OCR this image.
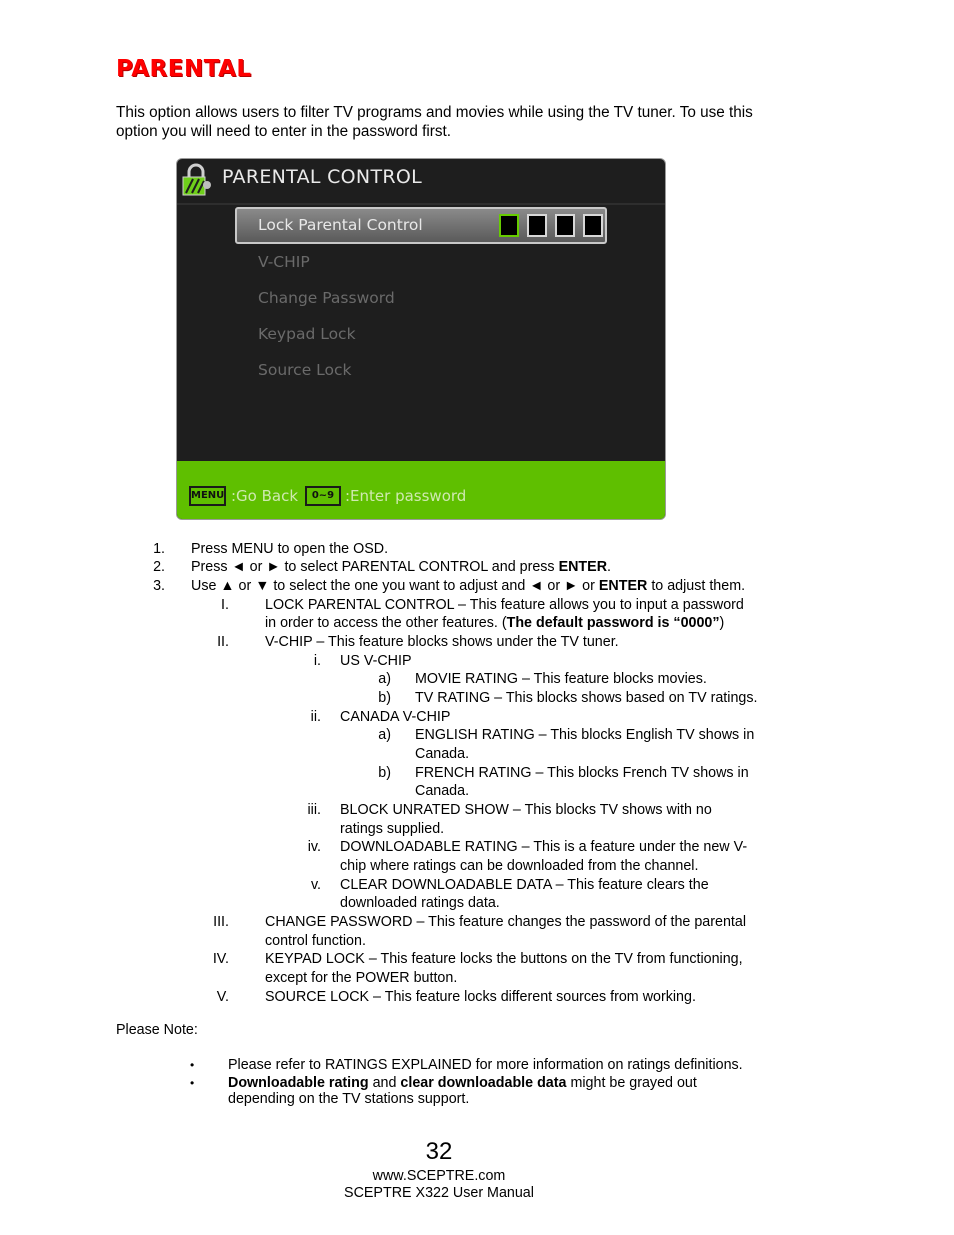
PARENTAL
This option allows users to filter TV programs and movies while using the TV tuner. To use this option you will need to enter in the password first.
PARENTAL CONTROL
Lock Parental Control
V-CHIP
Change Password
Keypad Lock
Source Lock
MENU :Go Back	0~9 :Enter password
1. Press MENU to open the OSD.
2. Press ◄ or ► to select PARENTAL CONTROL and press ENTER.
3. Use ▲ or ▼ to select the one you want to adjust and ◄ or ► or ENTER to adjust them.
I.	LOCK PARENTAL CONTROL – This feature allows you to input a password
in order to access the other features. (The default password is “0000”)
II.	V-CHIP – This feature blocks shows under the TV tuner.
i. US V-CHIP
a) MOVIE RATING – This feature blocks movies.
b) TV RATING – This blocks shows based on TV ratings.
ii. CANADA V-CHIP
a) ENGLISH RATING – This blocks English TV shows in
Canada.
b) FRENCH RATING – This blocks French TV shows in
Canada.
iii. BLOCK UNRATED SHOW – This blocks TV shows with no
ratings supplied.
iv. DOWNLOADABLE RATING – This is a feature under the new V-
chip where ratings can be downloaded from the channel.
v. CLEAR DOWNLOADABLE DATA – This feature clears the
downloaded ratings data.
III.	CHANGE PASSWORD – This feature changes the password of the parental
control function.
IV.	KEYPAD LOCK – This feature locks the buttons on the TV from functioning,
except for the POWER button.
V.	SOURCE LOCK – This feature locks different sources from working.
Please Note:
• Please refer to RATINGS EXPLAINED for more information on ratings definitions.
• Downloadable rating and clear downloadable data might be grayed out
depending on the TV stations support.
32
www.SCEPTRE.com
SCEPTRE X322 User Manual
